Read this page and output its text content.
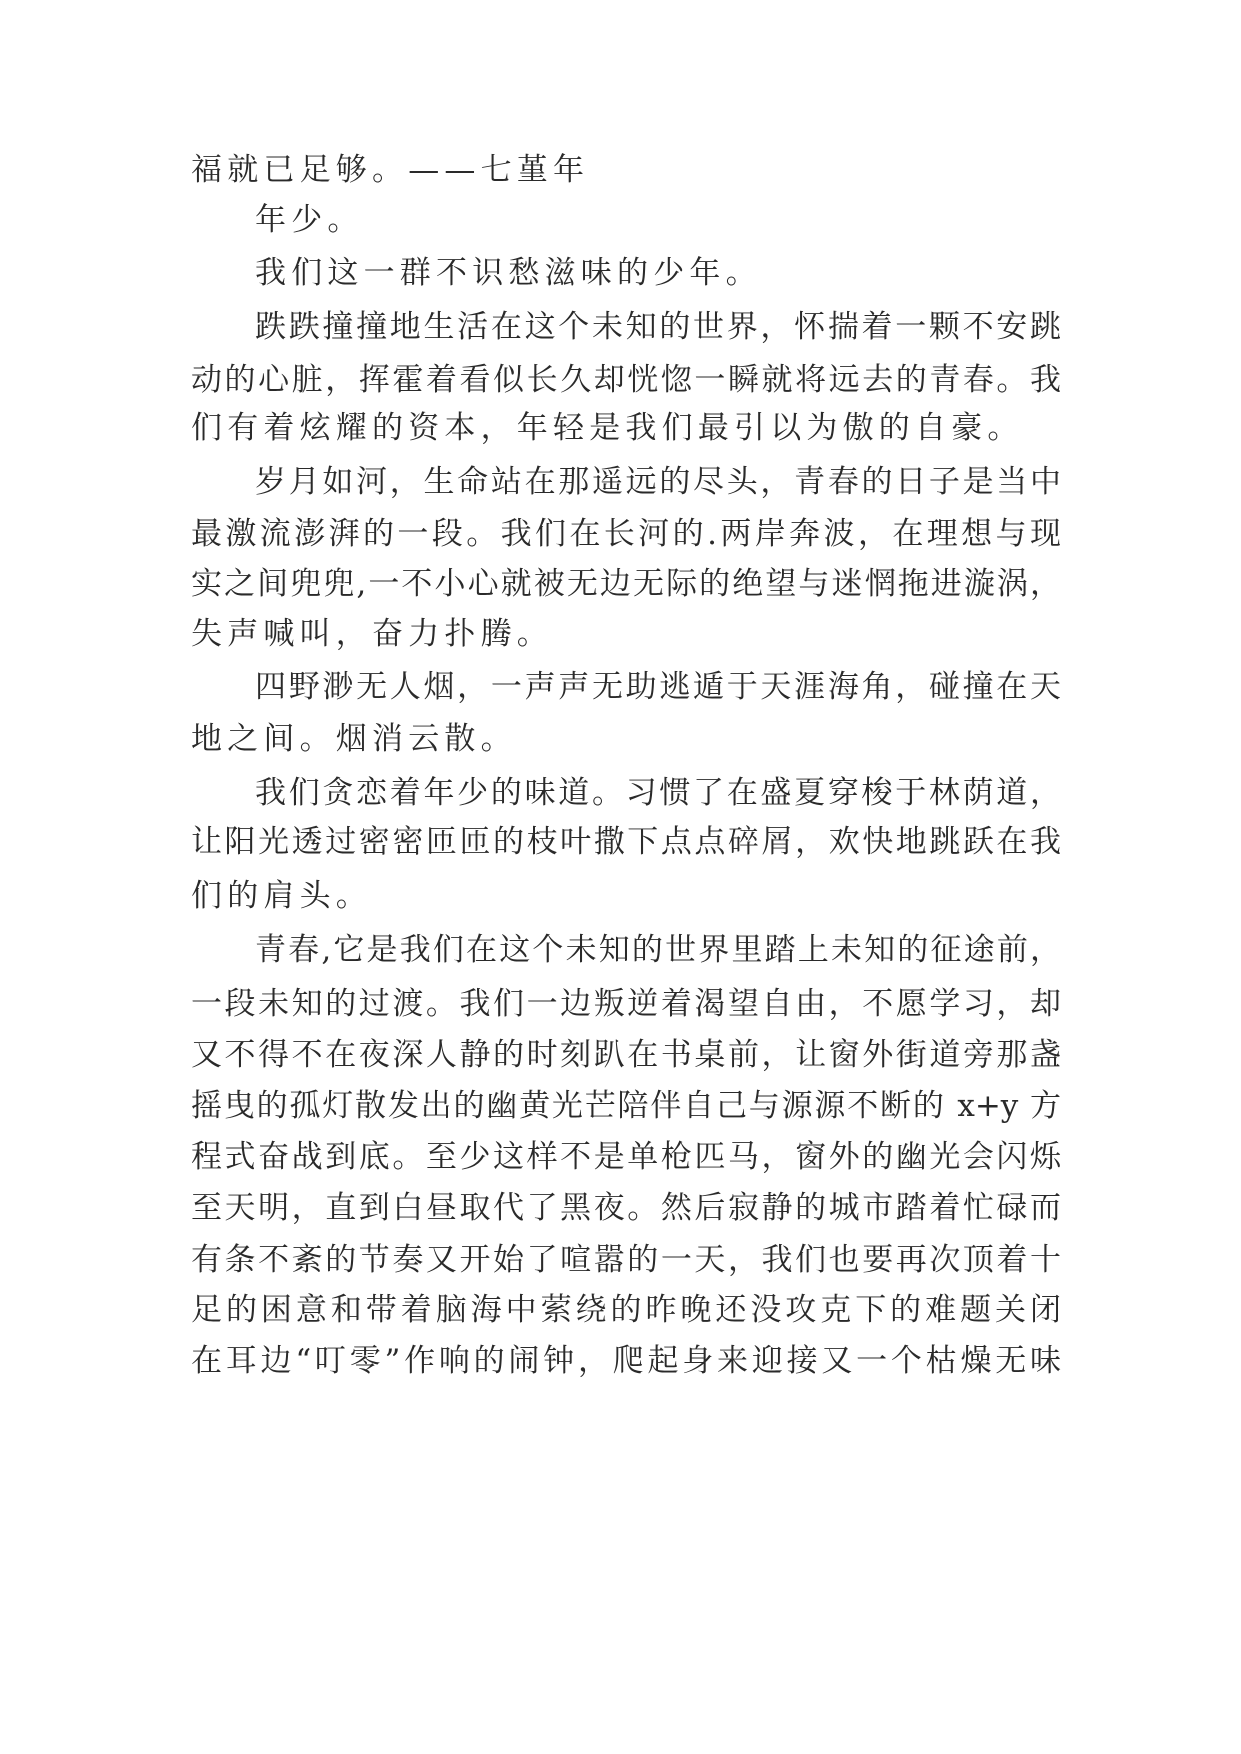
福就已足够。——七堇年
年少。
我们这一群不识愁滋味的少年。
跌跌撞撞地生活在这个未知的世界，怀揣着一颗不安跳
动的心脏，挥霍着看似长久却恍惚一瞬就将远去的青春。我
们有着炫耀的资本，年轻是我们最引以为傲的自豪。
岁月如河，生命站在那遥远的尽头，青春的日子是当中
最激流澎湃的一段。我们在长河的.两岸奔波，在理想与现
实之间兜兜,一不小心就被无边无际的绝望与迷惘拖进漩涡，
失声喊叫，奋力扑腾。
四野渺无人烟，一声声无助逃遁于天涯海角，碰撞在天
地之间。烟消云散。
我们贪恋着年少的味道。习惯了在盛夏穿梭于林荫道，
让阳光透过密密匝匝的枝叶撒下点点碎屑，欢快地跳跃在我
们的肩头。
青春,它是我们在这个未知的世界里踏上未知的征途前，
一段未知的过渡。我们一边叛逆着渴望自由，不愿学习，却
又不得不在夜深人静的时刻趴在书桌前，让窗外街道旁那盏
摇曳的孤灯散发出的幽黄光芒陪伴自己与源源不断的 x+y 方
程式奋战到底。至少这样不是单枪匹马，窗外的幽光会闪烁
至天明，直到白昼取代了黑夜。然后寂静的城市踏着忙碌而
有条不紊的节奏又开始了喧嚣的一天，我们也要再次顶着十
足的困意和带着脑海中萦绕的昨晚还没攻克下的难题关闭
在耳边“叮零”作响的闹钟，爬起身来迎接又一个枯燥无味
